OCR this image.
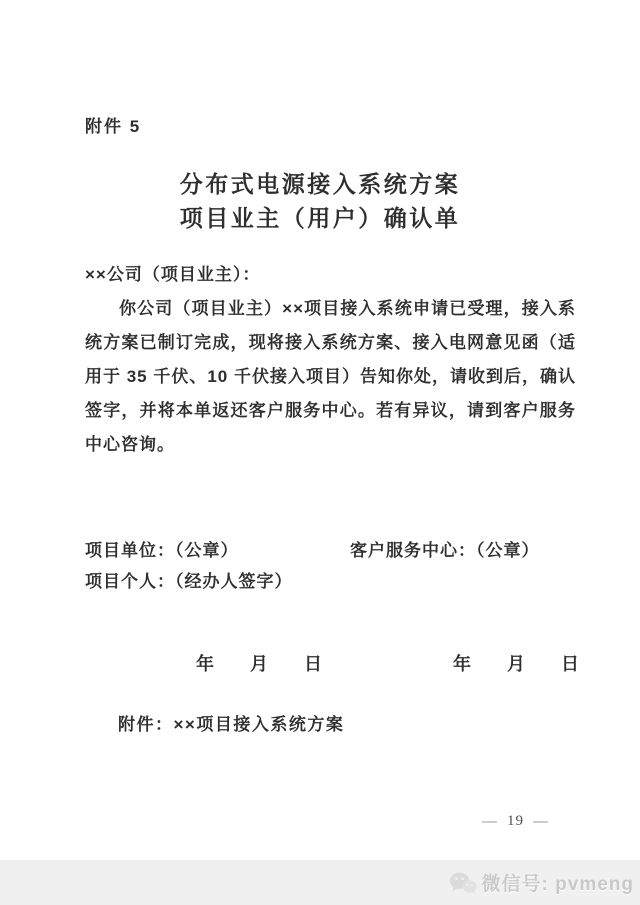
附件 5
分布式电源接入系统方案
项目业主（用户）确认单
××公司（项目业主）：
你公司（项目业主）××项目接入系统申请已受理，接入系统方案已制订完成，现将接入系统方案、接入电网意见函（适用于 35 千伏、10 千伏接入项目）告知你处，请收到后，确认签字，并将本单返还客户服务中心。若有异议，请到客户服务中心咨询。
项目单位：（公章）	客户服务中心：（公章）
项目个人：（经办人签字）
年　　月　　日	年　　月　　日
附件：××项目接入系统方案
— 19 —
微信号: pvmeng
